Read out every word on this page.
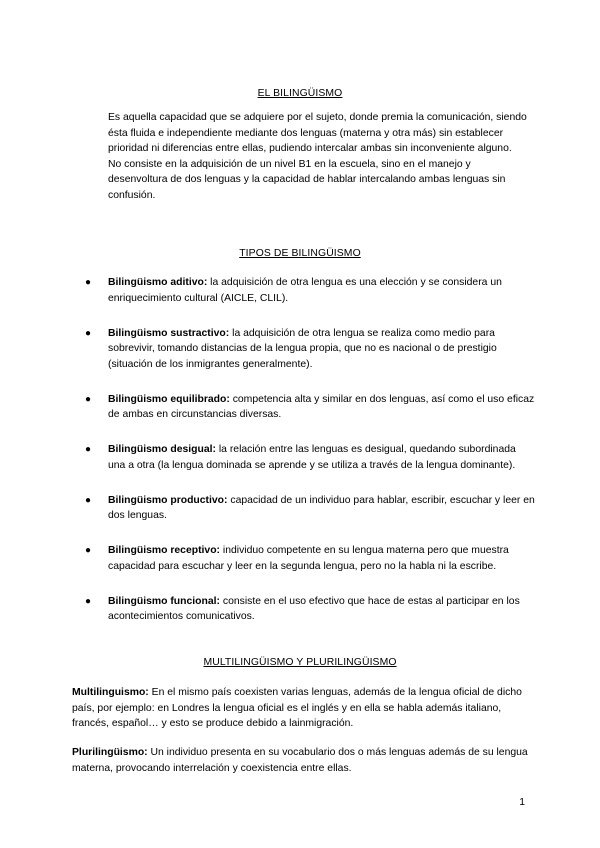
EL BILINGÜISMO

Es aquella capacidad que se adquiere por el sujeto, donde premia la comunicación, siendo ésta fluida e independiente mediante dos lenguas (materna y otra más) sin establecer prioridad ni diferencias entre ellas, pudiendo intercalar ambas sin inconveniente alguno.

No consiste en la adquisición de un nivel B1 en la escuela, sino en el manejo y desenvoltura de dos lenguas y la capacidad de hablar intercalando ambas lenguas sin confusión.

TIPOS DE BILINGÜISMO
● Bilingüismo aditivo: la adquisición de otra lengua es una elección y se considera un enriquecimiento cultural (AICLE, CLIL).
● Bilingüismo sustractivo: la adquisición de otra lengua se realiza como medio para sobrevivir, tomando distancias de la lengua propia, que no es nacional o de prestigio (situación de los inmigrantes generalmente).
● Bilingüismo equilibrado: competencia alta y similar en dos lenguas, así como el uso eficaz de ambas en circunstancias diversas.
● Bilingüismo desigual: la relación entre las lenguas es desigual, quedando subordinada una a otra (la lengua dominada se aprende y se utiliza a través de la lengua dominante).
● Bilingüismo productivo: capacidad de un individuo para hablar, escribir, escuchar y leer en dos lenguas.
● Bilingüismo receptivo: individuo competente en su lengua materna pero que muestra capacidad para escuchar y leer en la segunda lengua, pero no la habla ni la escribe.
● Bilingüismo funcional: consiste en el uso efectivo que hace de estas al participar en los acontecimientos comunicativos.
MULTILINGÜISMO Y PLURILINGÜISMO
Multilinguismo: En el mismo país coexisten varias lenguas, además de la lengua oficial de dicho país, por ejemplo: en Londres la lengua oficial es el inglés y en ella se habla además italiano, francés, español… y esto se produce debido a lainmigración.
Plurilingüismo: Un individuo presenta en su vocabulario dos o más lenguas además de su lengua materna, provocando interrelación y coexistencia entre ellas.
1
